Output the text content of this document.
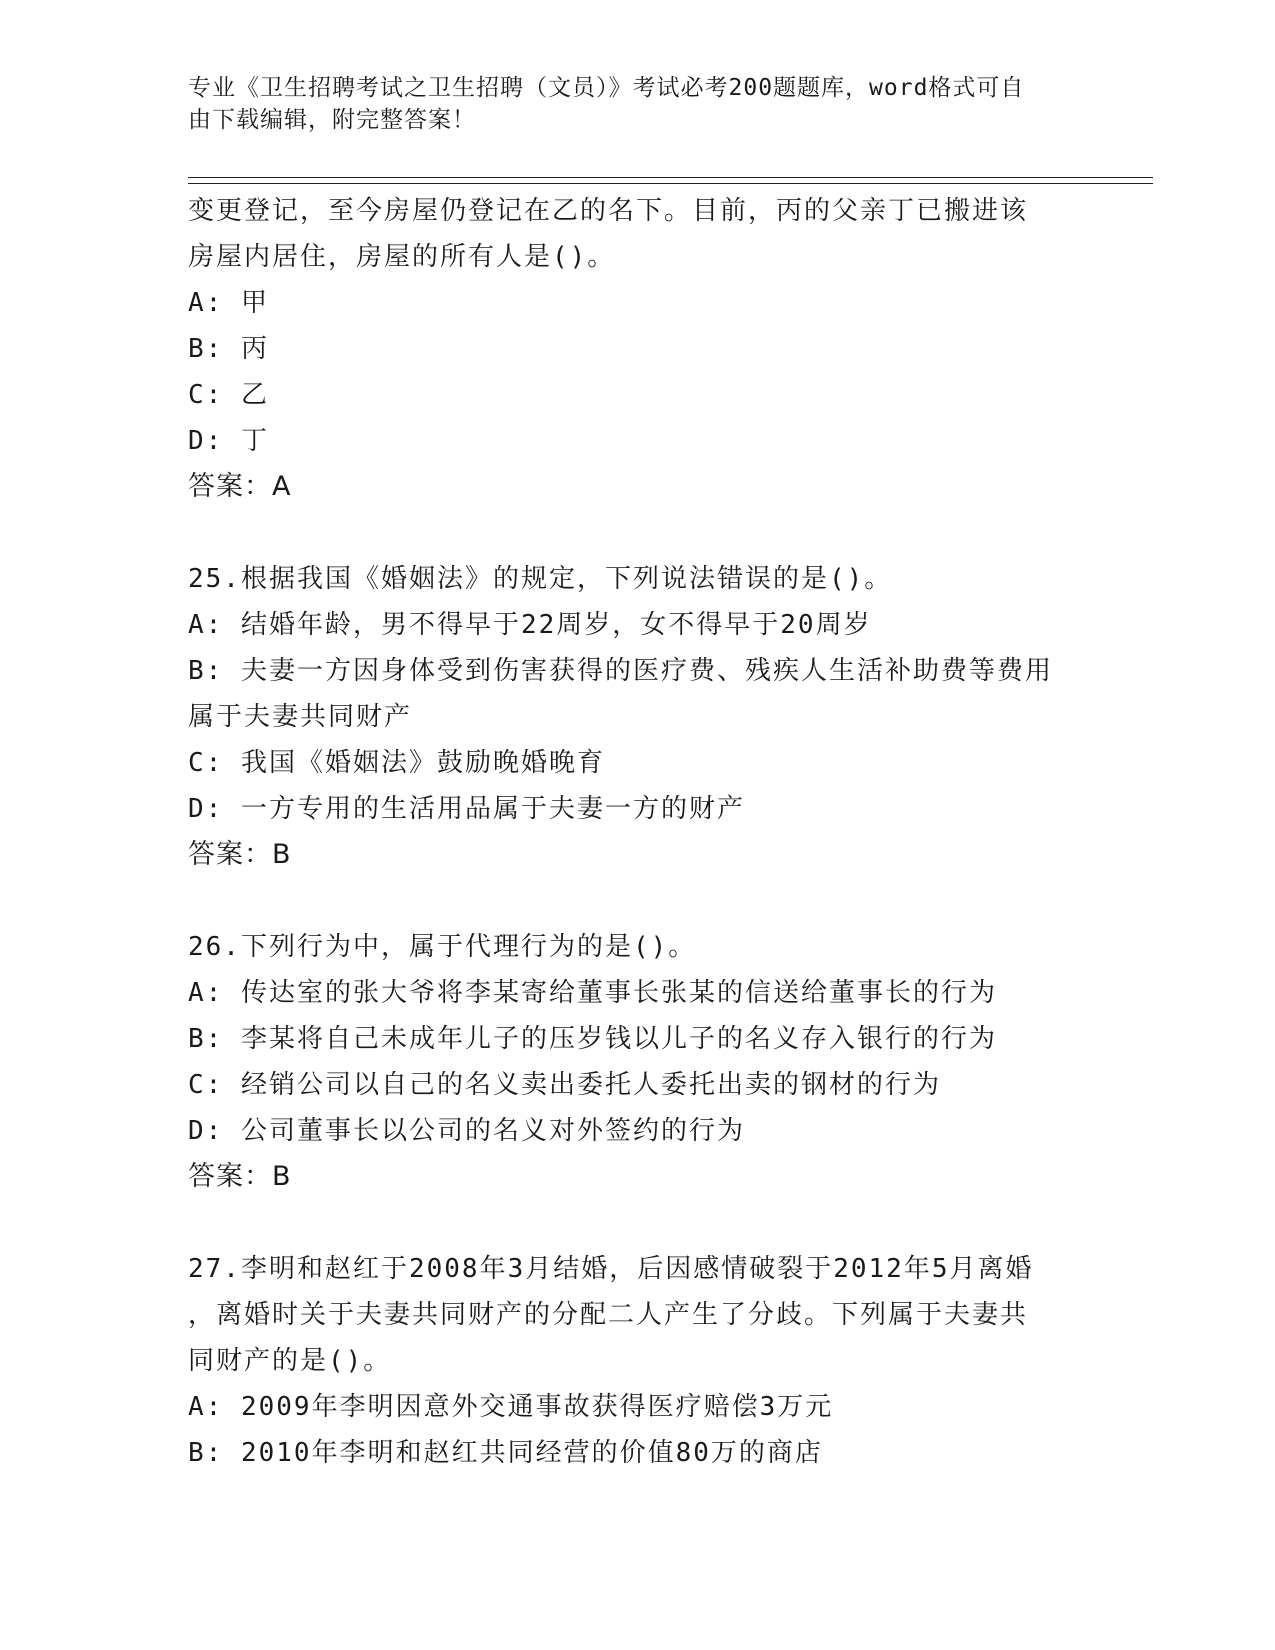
专业《卫生招聘考试之卫生招聘（文员）》考试必考200题题库，word格式可自
由下载编辑，附完整答案！
变更登记，至今房屋仍登记在乙的名下。目前，丙的父亲丁已搬进该
房屋内居住，房屋的所有人是()。
A: 甲
B: 丙
C: 乙
D: 丁
答案：A
25.根据我国《婚姻法》的规定，下列说法错误的是()。
A: 结婚年龄，男不得早于22周岁，女不得早于20周岁
B: 夫妻一方因身体受到伤害获得的医疗费、残疾人生活补助费等费用
属于夫妻共同财产
C: 我国《婚姻法》鼓励晚婚晚育
D: 一方专用的生活用品属于夫妻一方的财产
答案：B
26.下列行为中，属于代理行为的是()。
A: 传达室的张大爷将李某寄给董事长张某的信送给董事长的行为
B: 李某将自己未成年儿子的压岁钱以儿子的名义存入银行的行为
C: 经销公司以自己的名义卖出委托人委托出卖的钢材的行为
D: 公司董事长以公司的名义对外签约的行为
答案：B
27.李明和赵红于2008年3月结婚，后因感情破裂于2012年5月离婚
，离婚时关于夫妻共同财产的分配二人产生了分歧。下列属于夫妻共
同财产的是()。
A: 2009年李明因意外交通事故获得医疗赔偿3万元
B: 2010年李明和赵红共同经营的价值80万的商店
